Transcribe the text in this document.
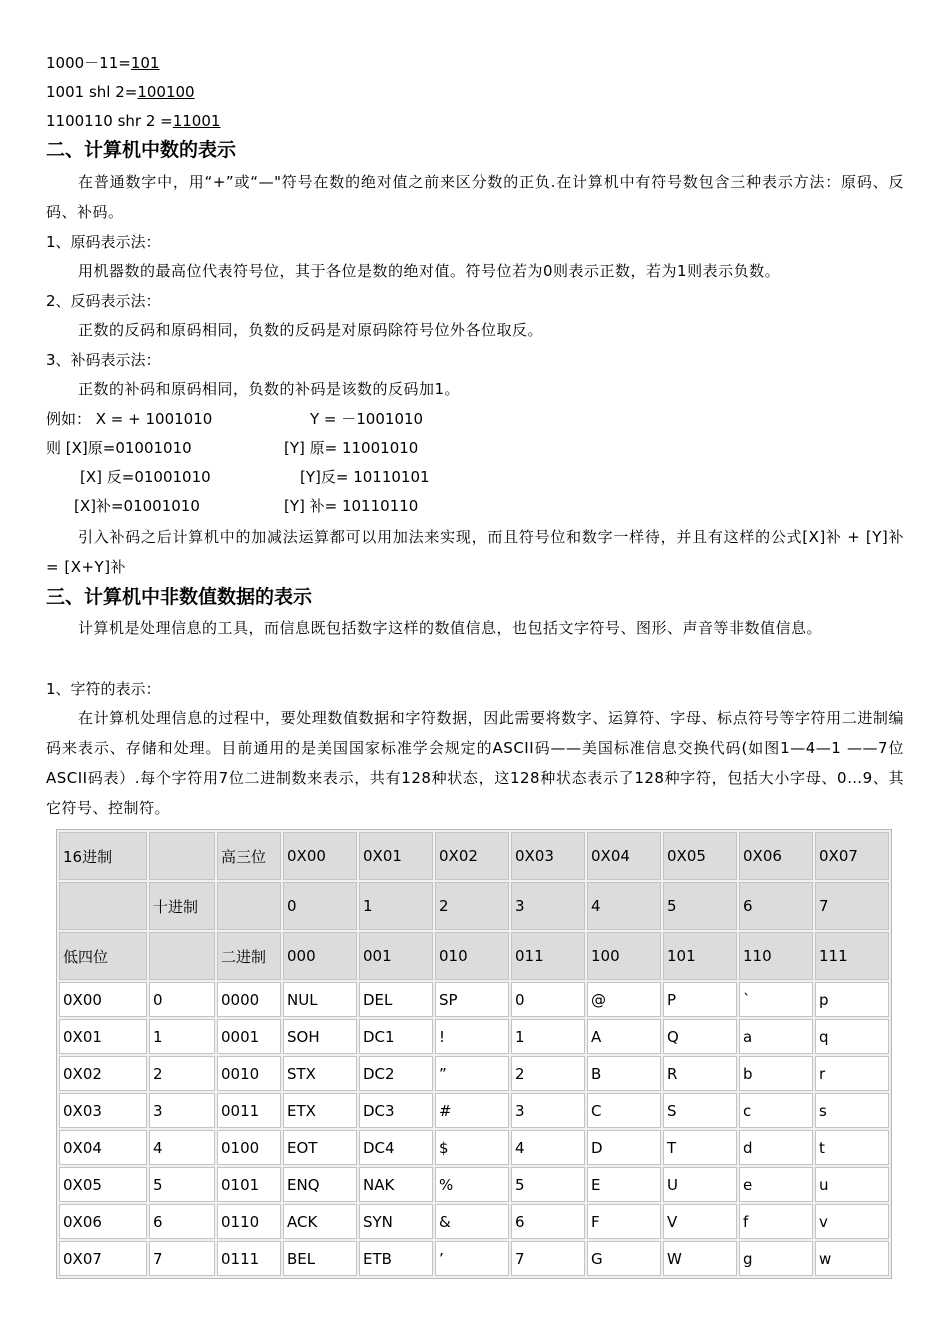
1000－11=101
1001 shl 2=100100
1100110 shr 2 =11001
二、计算机中数的表示
在普通数字中，用“+”或“—"符号在数的绝对值之前来区分数的正负.在计算机中有符号数包含三种表示方法：原码、反码、补码。
1、原码表示法：
用机器数的最高位代表符号位，其于各位是数的绝对值。符号位若为0则表示正数，若为1则表示负数。
2、反码表示法：
正数的反码和原码相同，负数的反码是对原码除符号位外各位取反。
3、补码表示法：
正数的补码和原码相同，负数的补码是该数的反码加1。
例如： X = + 1001010	Y = －1001010
则 [X]原=01001010	[Y] 原= 11001010
[X] 反=01001010	[Y]反= 10110101
[X]补=01001010	[Y] 补= 10110110
引入补码之后计算机中的加减法运算都可以用加法来实现，而且符号位和数字一样待，并且有这样的公式[X]补 + [Y]补 = [X+Y]补
三、计算机中非数值数据的表示
计算机是处理信息的工具，而信息既包括数字这样的数值信息，也包括文字符号、图形、声音等非数值信息。
1、字符的表示：
在计算机处理信息的过程中，要处理数值数据和字符数据，因此需要将数字、运算符、字母、标点符号等字符用二进制编码来表示、存储和处理。目前通用的是美国国家标准学会规定的ASCII码——美国标准信息交换代码(如图1—4—1 ——7位ASCII码表）.每个字符用7位二进制数来表示，共有128种状态，这128种状态表示了128种字符，包括大小字母、0…9、其它符号、控制符。
16进制		高三位	0X00	0X01	0X02	0X03	0X04	0X05	0X06	0X07
	十进制		0	1	2	3	4	5	6	7
低四位		二进制	000	001	010	011	100	101	110	111
0X00	0	0000	NUL	DEL	SP	0	@	P	`	p
0X01	1	0001	SOH	DC1	!	1	A	Q	a	q
0X02	2	0010	STX	DC2	”	2	B	R	b	r
0X03	3	0011	ETX	DC3	#	3	C	S	c	s
0X04	4	0100	EOT	DC4	$	4	D	T	d	t
0X05	5	0101	ENQ	NAK	%	5	E	U	e	u
0X06	6	0110	ACK	SYN	&	6	F	V	f	v
0X07	7	0111	BEL	ETB	’	7	G	W	g	w
